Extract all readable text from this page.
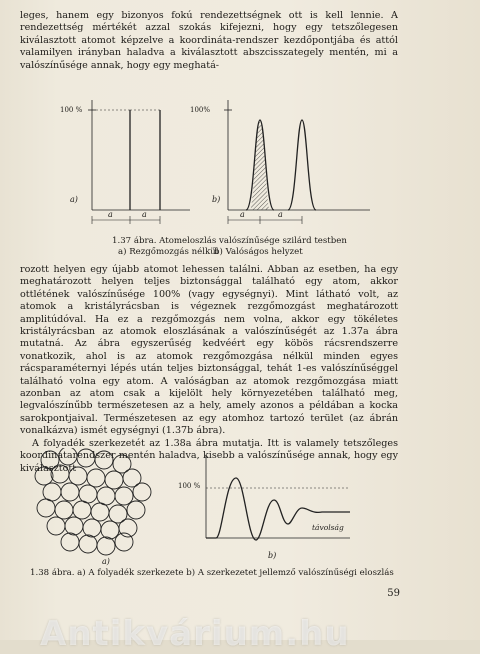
leges, hanem egy bizonyos fokú rendezettségnek ott is kell lennie. A rendezettség mértékét azzal szokás kifejezni, hogy egy tetszőlegesen kiválasztott atomot képzelve a koordináta-rendszer kezdőpontjába és attól valamilyen irányban haladva a kiválasztott abszcisszategely mentén, mi a valószínűsége annak, hogy egy meghatá-

100 %
a)
a	a
100%
b)
a	a
1.37 ábra. Atomeloszlás valószínűsége szilárd testben
a) Rezgőmozgás nélkül
b) Valóságos helyzet

rozott helyen egy újabb atomot lehessen találni. Abban az esetben, ha egy meghatározott helyen teljes biztonsággal található egy atom, akkor ottlétének valószínűsége 100% (vagy egységnyi). Mint látható volt, az atomok a kristályrácsban is végeznek rezgőmozgást meghatározott amplitúdóval. Ha ez a rezgőmozgás nem volna, akkor egy tökéletes kristályrácsban az atomok eloszlásának a valószínűségét az 1.37a ábra mutatná. Az ábra egyszerűség kedvéért egy köbös rácsrendszerre vonatkozik, ahol is az atomok rezgőmozgása nélkül minden egyes rácsparaméternyi lépés után teljes biztonsággal, tehát 1-es valószínűséggel található volna egy atom. A valóságban az atomok rezgőmozgása miatt azonban az atom csak a kijelölt hely környezetében található meg, legvalószínűbb természetesen az a hely, amely azonos a példában a kocka sarokpontjaival. Természetesen az egy atomhoz tartozó terület (az ábrán vonalkázva) ismét egységnyi (1.37b ábra).

A folyadék szerkezetét az 1.38a ábra mutatja. Itt is valamely tetszőleges koordinátarendszer mentén haladva, kisebb a valószínűsége annak, hogy egy kiválasztott

a)
100 %
távolság
b)
1.38 ábra. a) A folyadék szerkezete b) A szerkezetet jellemző valószínűségi eloszlás
59
Antikvárium.hu
